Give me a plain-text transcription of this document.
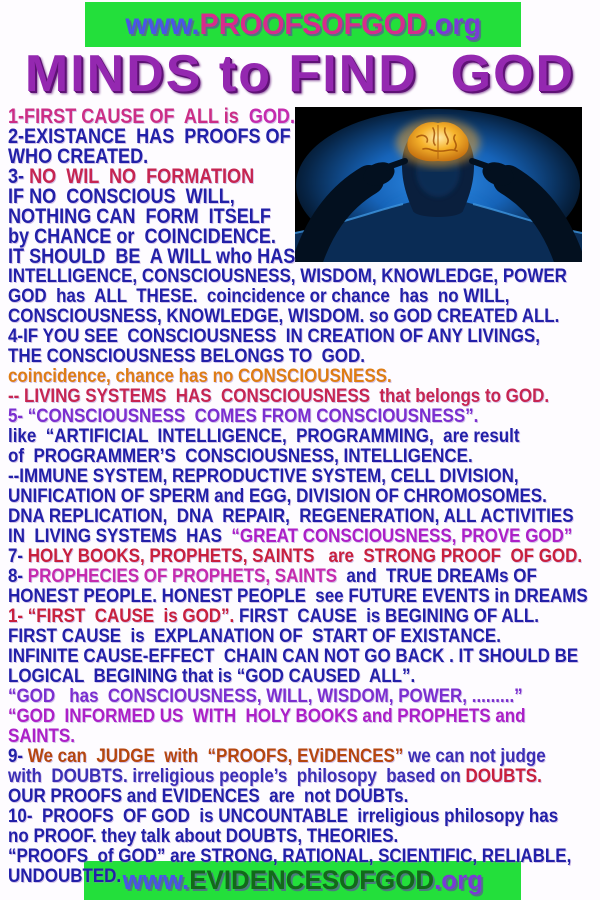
www.PROOFSOFGOD.org
MINDS to FIND  GOD
1-FIRST CAUSE OF  ALL is  GOD.
2-EXISTANCE  HAS  PROOFS OF
WHO CREATED.
3- NO  WIL  NO  FORMATION
IF NO  CONSCIOUS  WILL,
NOTHING CAN  FORM  ITSELF
by CHANCE or  COINCIDENCE.
IT SHOULD  BE  A WILL who HAS
INTELLIGENCE, CONSCIOUSNESS, WISDOM, KNOWLEDGE, POWER
GOD  has  ALL  THESE.  coincidence or chance  has  no WILL,
CONSCIOUSNESS, KNOWLEDGE, WISDOM. so GOD CREATED ALL.
4-IF YOU SEE  CONSCIOUSNESS  IN CREATION OF ANY LIVINGS,
THE CONSCIOUSNESS BELONGS TO  GOD.
coincidence, chance has no CONSCIOUSNESS.
-- LIVING SYSTEMS  HAS  CONSCIOUSNESS  that belongs to GOD.
5- “CONSCIOUSNESS  COMES FROM CONSCIOUSNESS”.
like  “ARTIFICIAL  INTELLIGENCE,  PROGRAMMING,  are result
of  PROGRAMMER’S  CONSCIOUSNESS, INTELLIGENCE.
--IMMUNE SYSTEM, REPRODUCTIVE SYSTEM, CELL DIVISION,
UNIFICATION OF SPERM and EGG, DIVISION OF CHROMOSOMES.
DNA REPLICATION,  DNA  REPAIR,  REGENERATION, ALL ACTIVITIES
IN  LIVING SYSTEMS  HAS  “GREAT CONSCIOUSNESS, PROVE GOD”
7- HOLY BOOKS, PROPHETS, SAINTS   are  STRONG PROOF  OF GOD.
8- PROPHECIES OF PROPHETS, SAINTS  and  TRUE DREAMs OF
HONEST PEOPLE. HONEST PEOPLE  see FUTURE EVENTS in DREAMS
1- “FIRST  CAUSE  is GOD”. FIRST  CAUSE  is BEGINING OF ALL.
FIRST CAUSE  is  EXPLANATION OF  START OF EXISTANCE.
INFINITE CAUSE-EFFECT  CHAIN CAN NOT GO BACK . IT SHOULD BE
LOGICAL  BEGINING that is “GOD CAUSED  ALL”.
“GOD   has  CONSCIOUSNESS, WILL, WISDOM, POWER, .........”
“GOD  INFORMED US  WITH  HOLY BOOKS and PROPHETS and
SAINTS.
9- We can  JUDGE  with  “PROOFS, EViDENCES” we can not judge
with  DOUBTS. irreligious people’s  philosopy  based on DOUBTS.
OUR PROOFS and EVIDENCES  are  not DOUBTs.
10-  PROOFS  OF GOD  is UNCOUNTABLE  irreligious philosopy has
no PROOF. they talk about DOUBTS, THEORIES.
“PROOFS  of GOD” are STRONG, RATIONAL, SCIENTIFIC, RELIABLE,
UNDOUBTED. www.EVIDENCESOFGOD.org
